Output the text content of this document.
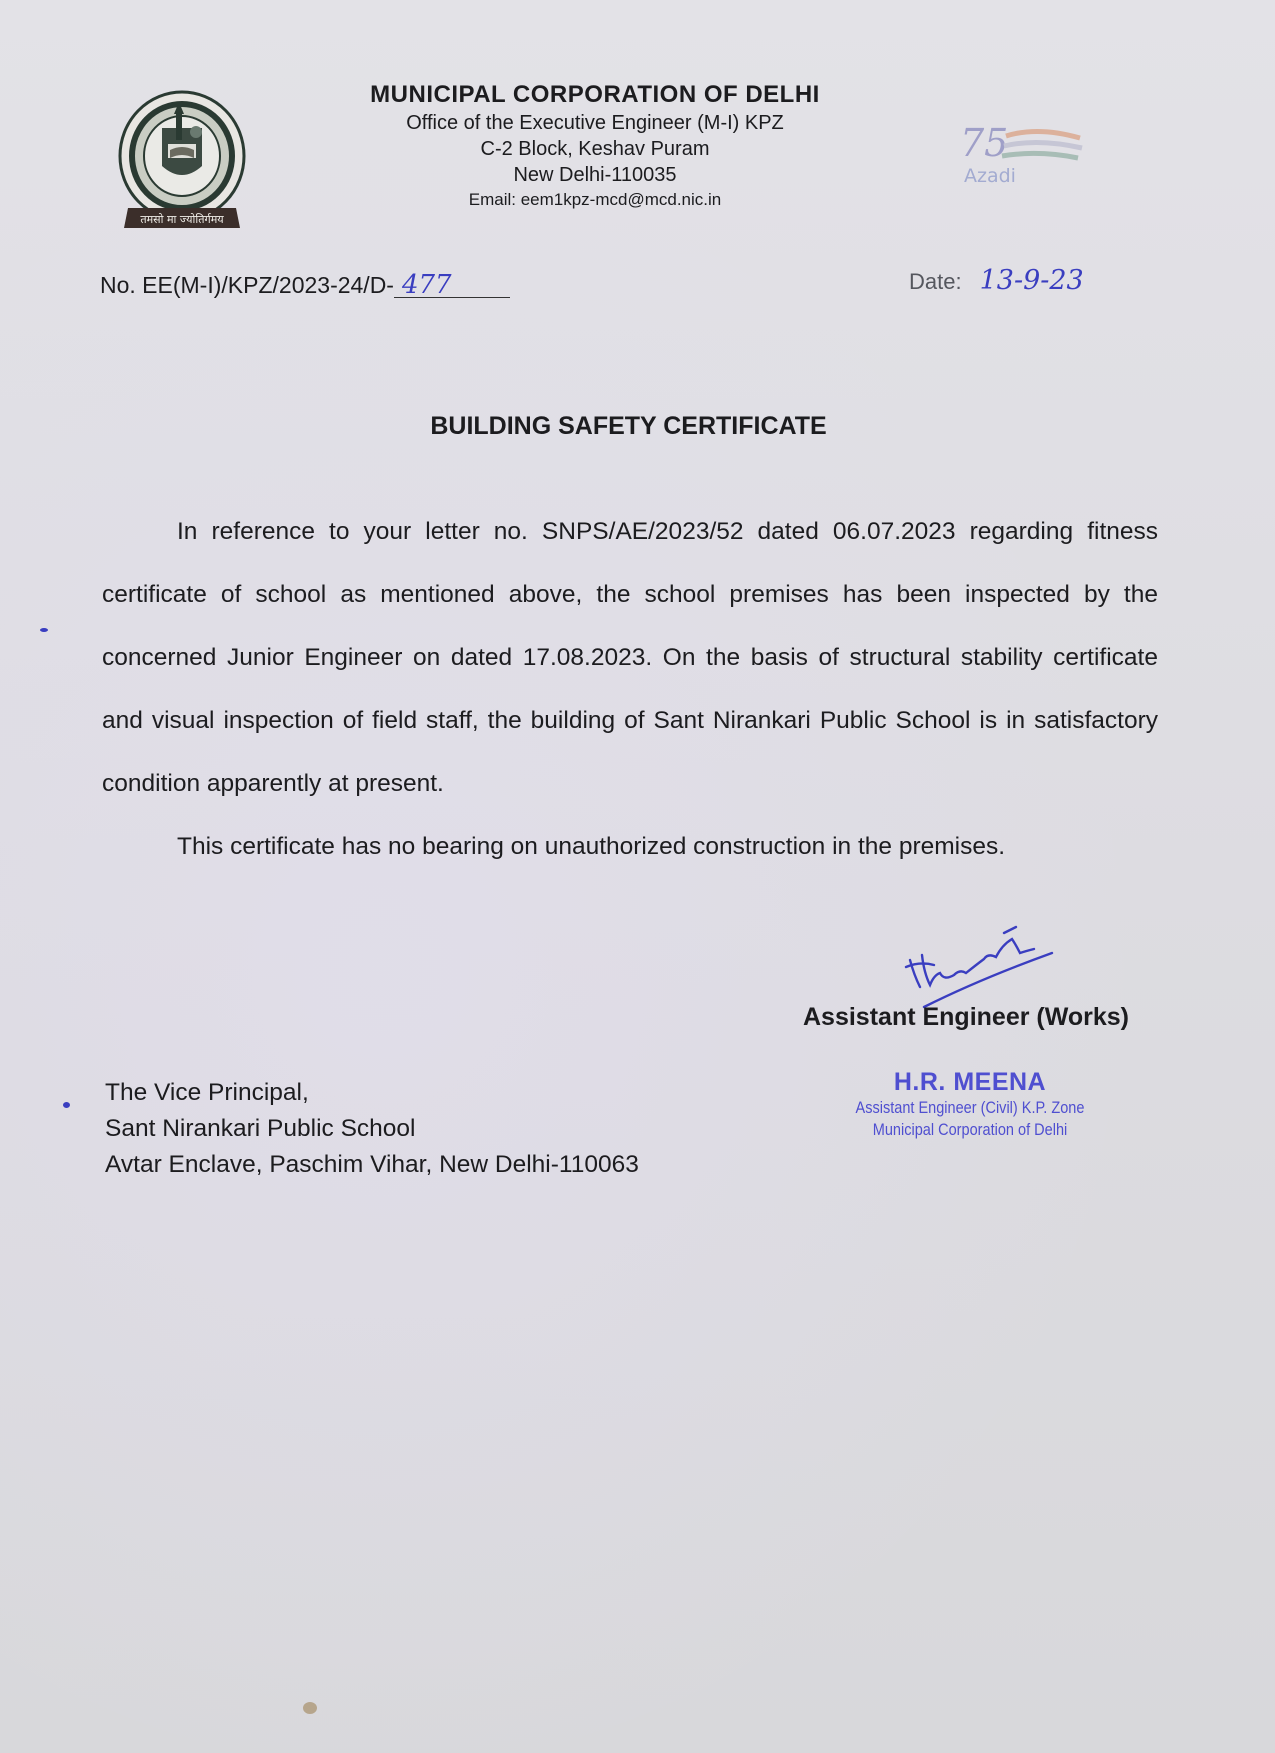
तमसो मा ज्योतिर्गमय
MUNICIPAL CORPORATION OF DELHI
Office of the Executive Engineer (M-I) KPZ
C-2 Block, Keshav Puram
New Delhi-110035
Email: eem1kpz-mcd@mcd.nic.in
75
Azadi
No. EE(M-I)/KPZ/2023-24/D- 477	Date: 13-9-23
BUILDING SAFETY CERTIFICATE

In reference to your letter no. SNPS/AE/2023/52 dated 06.07.2023 regarding fitness certificate of school as mentioned above, the school premises has been inspected by the concerned Junior Engineer on dated 17.08.2023. On the basis of structural stability certificate and visual inspection of field staff, the building of Sant Nirankari Public School is in satisfactory condition apparently at present.

This certificate has no bearing on unauthorized construction in the premises.

Assistant Engineer (Works)
H.R. MEENA
Assistant Engineer (Civil) K.P. Zone
Municipal Corporation of Delhi
The Vice Principal,
Sant Nirankari Public School
Avtar Enclave, Paschim Vihar, New Delhi-110063
